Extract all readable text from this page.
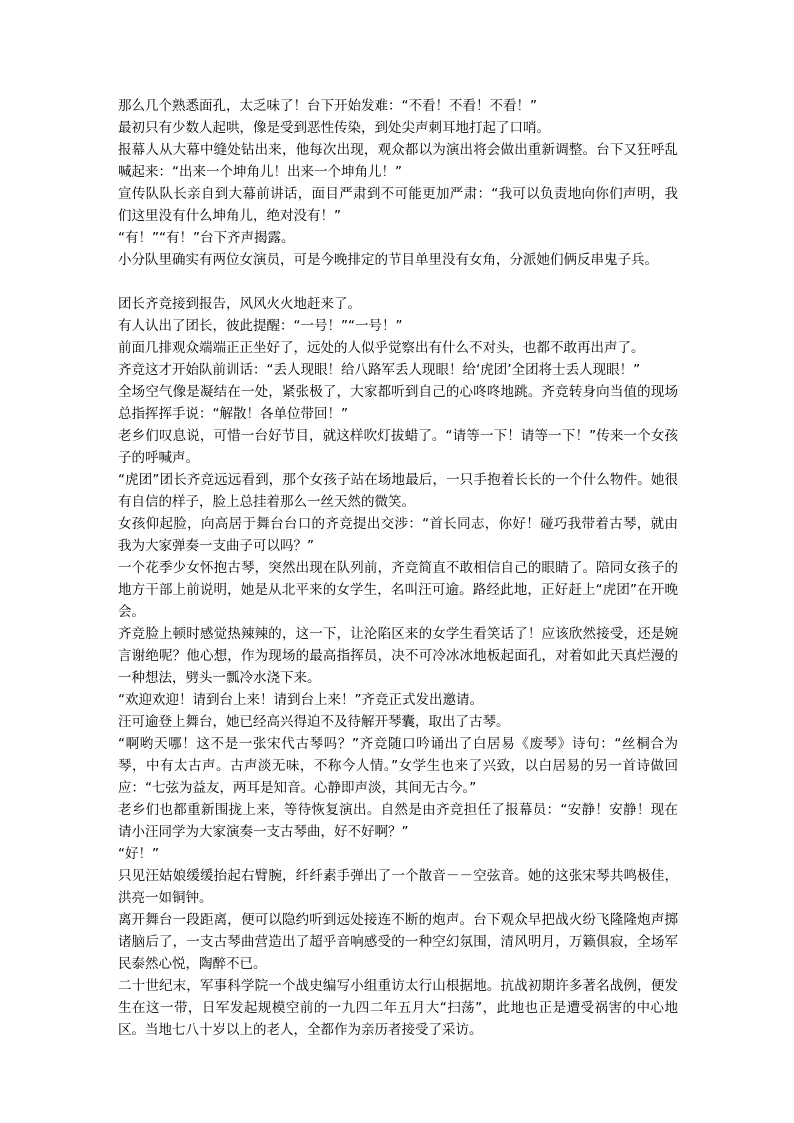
那么几个熟悉面孔，太乏味了！台下开始发难：“不看！不看！不看！”

最初只有少数人起哄，像是受到恶性传染，到处尖声刺耳地打起了口哨。

报幕人从大幕中缝处钻出来，他每次出现，观众都以为演出将会做出重新调整。台下又狂呼乱喊起来：“出来一个坤角儿！出来一个坤角儿！”

宣传队队长亲自到大幕前讲话，面目严肃到不可能更加严肃：“我可以负责地向你们声明，我们这里没有什么坤角儿，绝对没有！”

“有！”“有！”台下齐声揭露。

小分队里确实有两位女演员，可是今晚排定的节目单里没有女角，分派她们俩反串鬼子兵。

团长齐竞接到报告，风风火火地赶来了。

有人认出了团长，彼此提醒：“一号！”“一号！”

前面几排观众端端正正坐好了，远处的人似乎觉察出有什么不对头，也都不敢再出声了。

齐竞这才开始队前训话：“丢人现眼！给八路军丢人现眼！给‘虎团’全团将士丢人现眼！”

全场空气像是凝结在一处，紧张极了，大家都听到自己的心咚咚地跳。齐竞转身向当值的现场总指挥挥手说：“解散！各单位带回！”

老乡们叹息说，可惜一台好节目，就这样吹灯拔蜡了。“请等一下！请等一下！”传来一个女孩子的呼喊声。

“虎团”团长齐竞远远看到，那个女孩子站在场地最后，一只手抱着长长的一个什么物件。她很有自信的样子，脸上总挂着那么一丝天然的微笑。

女孩仰起脸，向高居于舞台台口的齐竞提出交涉：“首长同志，你好！碰巧我带着古琴，就由我为大家弹奏一支曲子可以吗？”

一个花季少女怀抱古琴，突然出现在队列前，齐竞简直不敢相信自己的眼睛了。陪同女孩子的地方干部上前说明，她是从北平来的女学生，名叫汪可逾。路经此地，正好赶上“虎团”在开晚会。

齐竞脸上顿时感觉热辣辣的，这一下，让沦陷区来的女学生看笑话了！应该欣然接受，还是婉言谢绝呢？他心想，作为现场的最高指挥员，决不可冷冰冰地板起面孔，对着如此天真烂漫的一种想法，劈头一瓢冷水浇下来。

“欢迎欢迎！请到台上来！请到台上来！”齐竞正式发出邀请。

汪可逾登上舞台，她已经高兴得迫不及待解开琴囊，取出了古琴。

“啊哟天哪！这不是一张宋代古琴吗？”齐竞随口吟诵出了白居易《废琴》诗句：“丝桐合为琴，中有太古声。古声淡无味，不称今人情。”女学生也来了兴致，以白居易的另一首诗做回应：“七弦为益友，两耳是知音。心静即声淡，其间无古今。”

老乡们也都重新围拢上来，等待恢复演出。自然是由齐竞担任了报幕员：“安静！安静！现在请小汪同学为大家演奏一支古琴曲，好不好啊？”

“好！”

只见汪姑娘缓缓抬起右臂腕，纤纤素手弹出了一个散音－－空弦音。她的这张宋琴共鸣极佳，洪亮一如铜钟。

离开舞台一段距离，便可以隐约听到远处接连不断的炮声。台下观众早把战火纷飞隆隆炮声掷诸脑后了，一支古琴曲营造出了超乎音响感受的一种空幻氛围，清风明月，万籁俱寂，全场军民泰然心悦，陶醉不已。

二十世纪末，军事科学院一个战史编写小组重访太行山根据地。抗战初期许多著名战例，便发生在这一带，日军发起规模空前的一九四二年五月大“扫荡”，此地也正是遭受祸害的中心地区。当地七八十岁以上的老人，全都作为亲历者接受了采访。
